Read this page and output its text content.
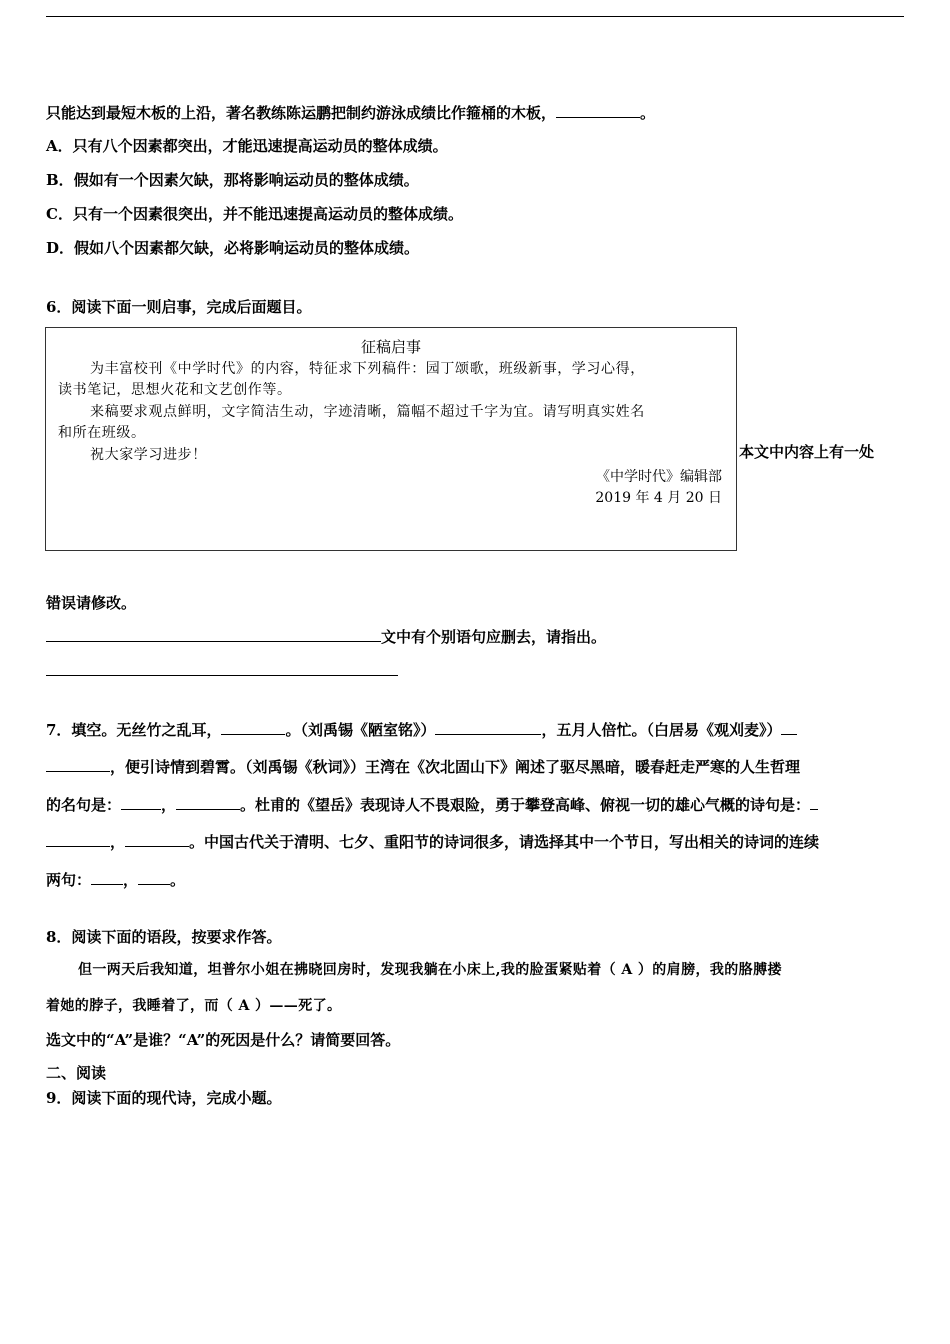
只能达到最短木板的上沿，著名教练陈运鹏把制约游泳成绩比作箍桶的木板，	。
A．只有八个因素都突出，才能迅速提高运动员的整体成绩。
B．假如有一个因素欠缺，那将影响运动员的整体成绩。
C．只有一个因素很突出，并不能迅速提高运动员的整体成绩。
D．假如八个因素都欠缺，必将影响运动员的整体成绩。
6．阅读下面一则启事，完成后面题目。
征稿启事
为丰富校刊《中学时代》的内容，特征求下列稿件：园丁颂歌，班级新事，学习心得，
读书笔记，思想火花和文艺创作等。
来稿要求观点鲜明，文字简洁生动，字迹清晰，篇幅不超过千字为宜。请写明真实姓名
和所在班级。
祝大家学习进步！
《中学时代》编辑部
2019 年 4 月 20 日
本文中内容上有一处
错误请修改。
文中有个别语句应删去，请指出。
7．填空。无丝竹之乱耳，	。（刘禹锡《陋室铭》）	，五月人倍忙。（白居易《观刈麦》）
，便引诗情到碧霄。（刘禹锡《秋词》）王湾在《次北固山下》阐述了驱尽黑暗，暖春赶走严寒的人生哲理
的名句是：	，	。杜甫的《望岳》表现诗人不畏艰险，勇于攀登高峰、俯视一切的雄心气概的诗句是：
，	。中国古代关于清明、七夕、重阳节的诗词很多，请选择其中一个节日，写出相关的诗词的连续
两句： ， 。
8．阅读下面的语段，按要求作答。
但一两天后我知道，坦普尔小姐在拂晓回房时，发现我躺在小床上,我的脸蛋紧贴着（ A ）的肩膀，我的胳膊搂
着她的脖子，我睡着了，而（ A ）——死了。
选文中的“A”是谁？“A”的死因是什么？请简要回答。
二、阅读
9．阅读下面的现代诗，完成小题。
